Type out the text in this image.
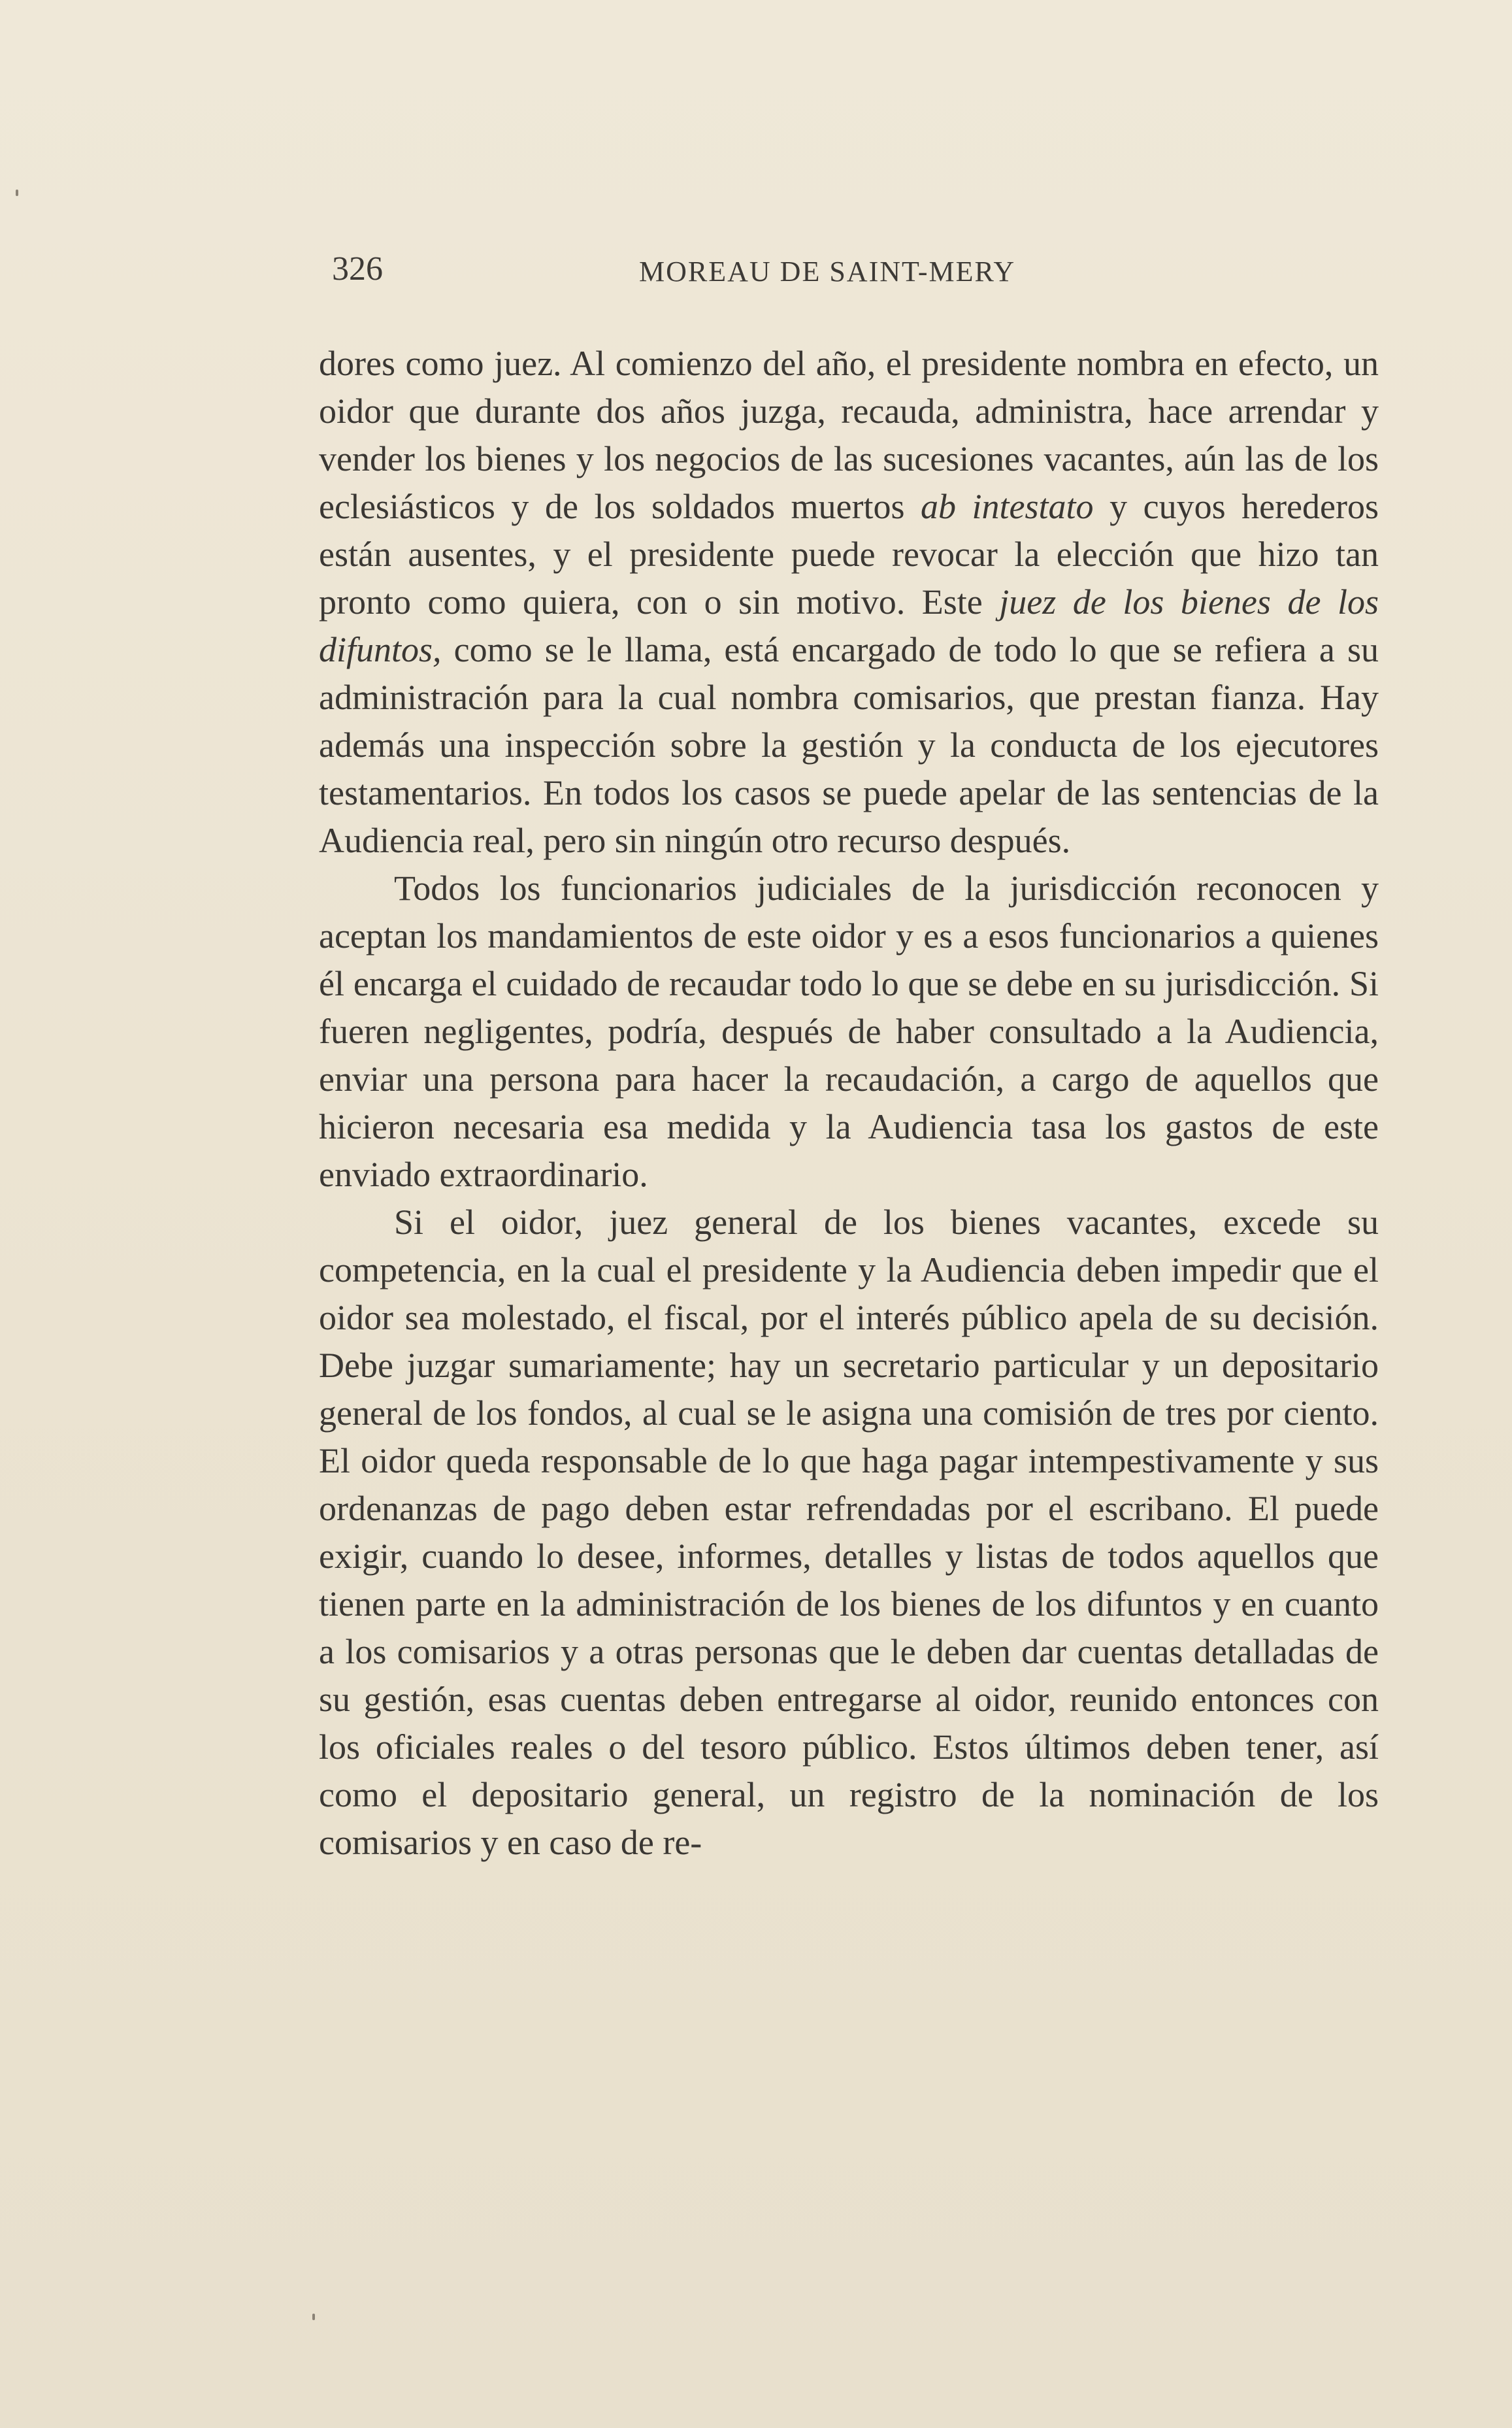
326	MOREAU DE SAINT-MERY

dores como juez. Al comienzo del año, el presidente nombra en efecto, un oidor que durante dos años juzga, recauda, administra, hace arrendar y vender los bienes y los negocios de las sucesiones vacantes, aún las de los eclesiásticos y de los soldados muertos ab intestato y cuyos herederos están ausentes, y el presidente puede revocar la elección que hizo tan pronto como quiera, con o sin motivo. Este juez de los bienes de los difuntos, como se le llama, está encargado de todo lo que se refiera a su administración para la cual nombra comisarios, que prestan fianza. Hay además una inspección sobre la gestión y la conducta de los ejecutores testamentarios. En todos los casos se puede apelar de las sentencias de la Audiencia real, pero sin ningún otro recurso después.

Todos los funcionarios judiciales de la jurisdicción reconocen y aceptan los mandamientos de este oidor y es a esos funcionarios a quienes él encarga el cuidado de recaudar todo lo que se debe en su jurisdicción. Si fueren negligentes, podría, después de haber consultado a la Audiencia, enviar una persona para hacer la recaudación, a cargo de aquellos que hicieron necesaria esa medida y la Audiencia tasa los gastos de este enviado extraordinario.

Si el oidor, juez general de los bienes vacantes, excede su competencia, en la cual el presidente y la Audiencia deben impedir que el oidor sea molestado, el fiscal, por el interés público apela de su decisión. Debe juzgar sumariamente; hay un secretario particular y un depositario general de los fondos, al cual se le asigna una comisión de tres por ciento. El oidor queda responsable de lo que haga pagar intempestivamente y sus ordenanzas de pago deben estar refrendadas por el escribano. El puede exigir, cuando lo desee, informes, detalles y listas de todos aquellos que tienen parte en la administración de los bienes de los difuntos y en cuanto a los comisarios y a otras personas que le deben dar cuentas detalladas de su gestión, esas cuentas deben entregarse al oidor, reunido entonces con los oficiales reales o del tesoro público. Estos últimos deben tener, así como el depositario general, un registro de la nominación de los comisarios y en caso de re-
